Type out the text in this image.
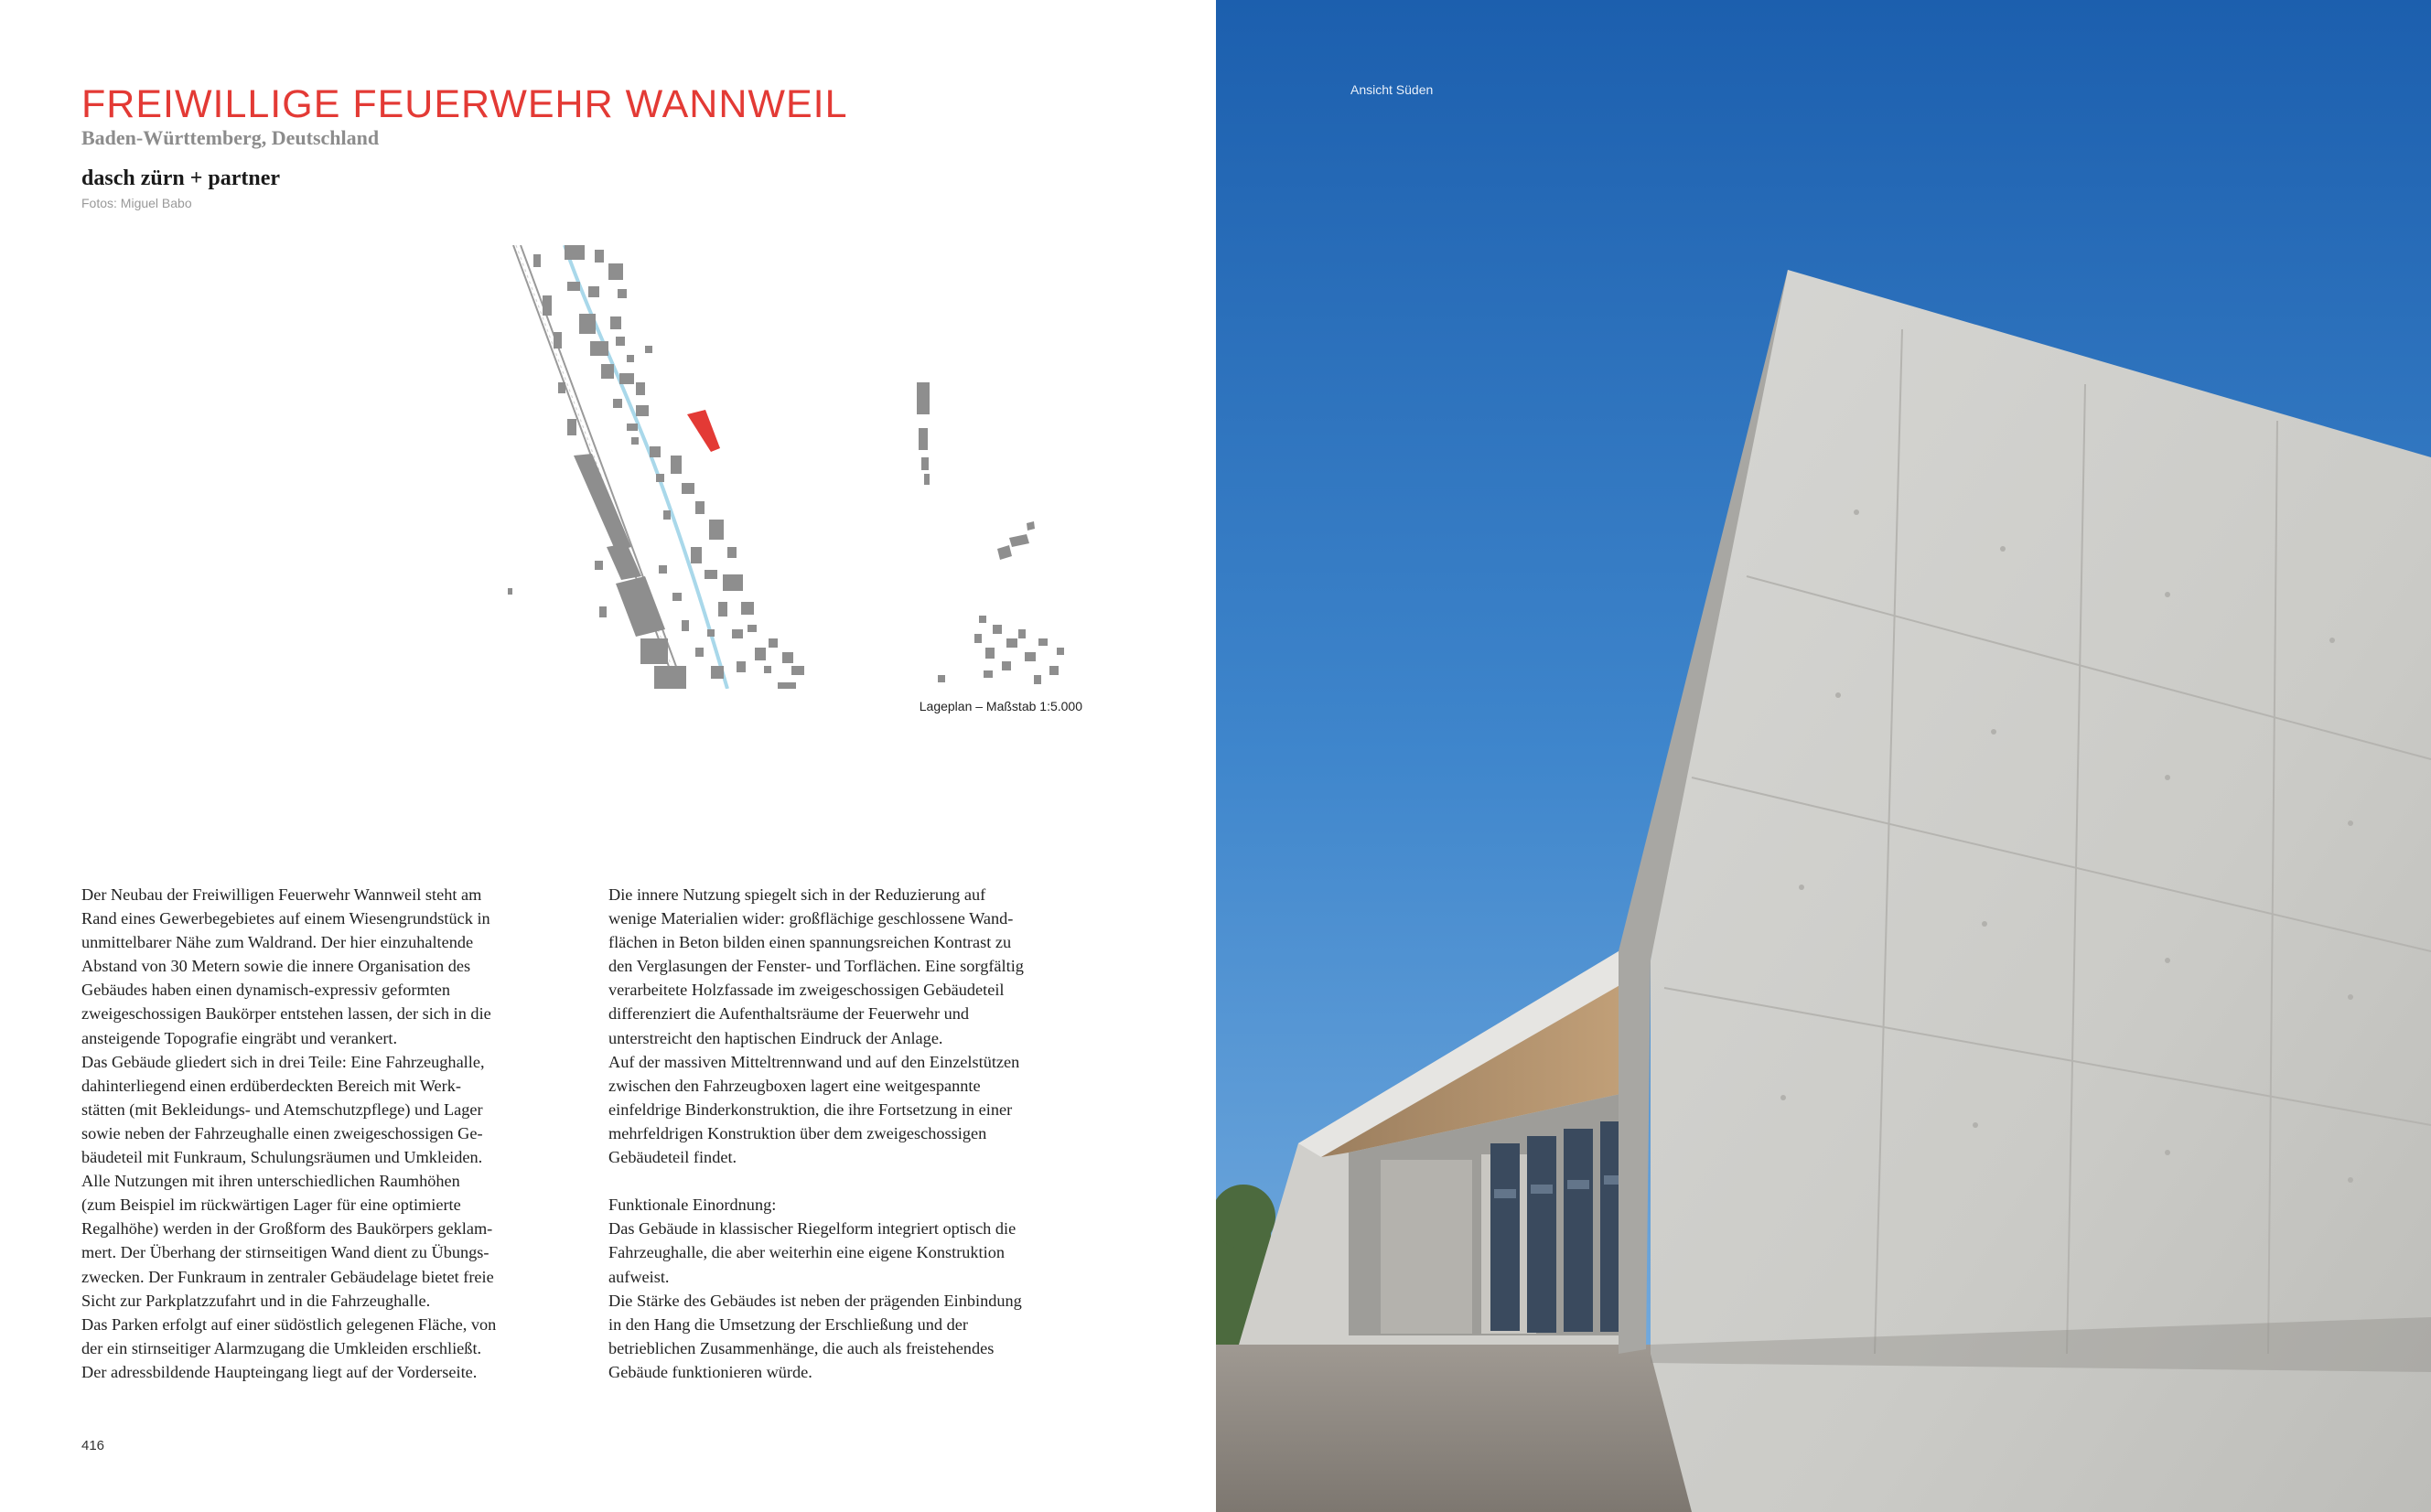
FREIWILLIGE FEUERWEHR WANNWEIL
Baden-Württemberg, Deutschland
dasch zürn + partner
Fotos: Miguel Babo
Lageplan – Maßstab 1:5.000
Der Neubau der Freiwilligen Feuerwehr Wannweil steht am
Rand eines Gewerbegebietes auf einem Wiesengrundstück in
unmittelbarer Nähe zum Waldrand. Der hier einzuhaltende
Abstand von 30 Metern sowie die innere Organisation des
Gebäudes haben einen dynamisch-expressiv geformten
zweigeschossigen Baukörper entstehen lassen, der sich in die
ansteigende Topografie eingräbt und verankert.
Das Gebäude gliedert sich in drei Teile: Eine Fahrzeughalle,
dahinterliegend einen erdüberdeckten Bereich mit Werk-
stätten (mit Bekleidungs- und Atemschutzpflege) und Lager
sowie neben der Fahrzeughalle einen zweigeschossigen Ge-
bäudeteil mit Funkraum, Schulungsräumen und Umkleiden.
Alle Nutzungen mit ihren unterschiedlichen Raumhöhen
(zum Beispiel im rückwärtigen Lager für eine optimierte
Regalhöhe) werden in der Großform des Baukörpers geklam-
mert. Der Überhang der stirnseitigen Wand dient zu Übungs-
zwecken. Der Funkraum in zentraler Gebäudelage bietet freie
Sicht zur Parkplatzzufahrt und in die Fahrzeughalle.
Das Parken erfolgt auf einer südöstlich gelegenen Fläche, von
der ein stirnseitiger Alarmzugang die Umkleiden erschließt.
Der adressbildende Haupteingang liegt auf der Vorderseite.
Die innere Nutzung spiegelt sich in der Reduzierung auf
wenige Materialien wider: großflächige geschlossene Wand-
flächen in Beton bilden einen spannungsreichen Kontrast zu
den Verglasungen der Fenster- und Torflächen. Eine sorgfältig
verarbeitete Holzfassade im zweigeschossigen Gebäudeteil
differenziert die Aufenthaltsräume der Feuerwehr und
unterstreicht den haptischen Eindruck der Anlage.
Auf der massiven Mitteltrennwand und auf den Einzelstützen
zwischen den Fahrzeugboxen lagert eine weitgespannte
einfeldrige Binderkonstruktion, die ihre Fortsetzung in einer
mehrfeldrigen Konstruktion über dem zweigeschossigen
Gebäudeteil findet.
Funktionale Einordnung:
Das Gebäude in klassischer Riegelform integriert optisch die
Fahrzeughalle, die aber weiterhin eine eigene Konstruktion
aufweist.
Die Stärke des Gebäudes ist neben der prägenden Einbindung
in den Hang die Umsetzung der Erschließung und der
betrieblichen Zusammenhänge, die auch als freistehendes
Gebäude funktionieren würde.
416
Ansicht Süden
